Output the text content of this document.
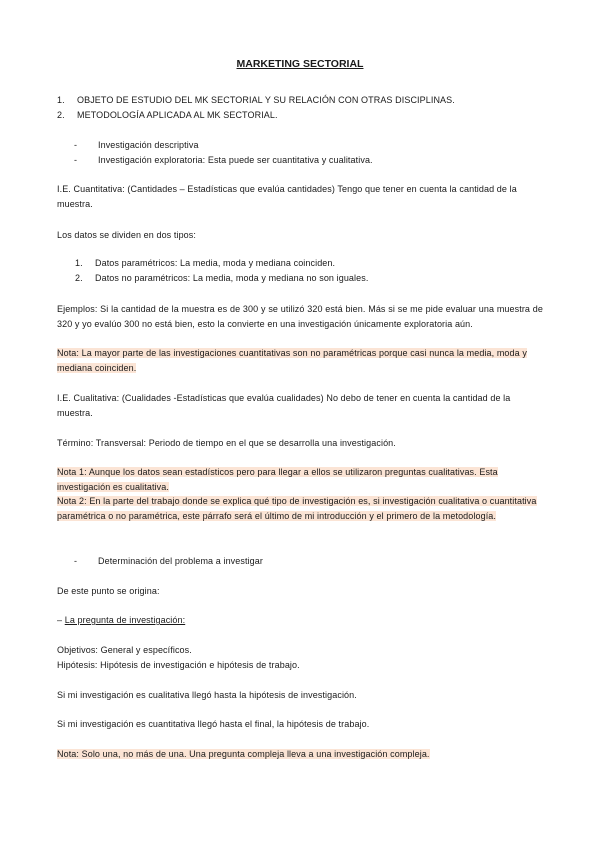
MARKETING SECTORIAL
1. OBJETO DE ESTUDIO DEL MK SECTORIAL Y SU RELACIÓN CON OTRAS DISCIPLINAS.
2. METODOLOGÍA APLICADA AL MK SECTORIAL.
- Investigación descriptiva
- Investigación exploratoria: Esta puede ser cuantitativa y cualitativa.
I.E. Cuantitativa: (Cantidades – Estadísticas que evalúa cantidades) Tengo que tener en cuenta la cantidad de la muestra.
Los datos se dividen en dos tipos:
1. Datos paramétricos: La media, moda y mediana coinciden.
2. Datos no paramétricos: La media, moda y mediana no son iguales.
Ejemplos: Si la cantidad de la muestra es de 300 y se utilizó 320 está bien. Más si se me pide evaluar una muestra de 320 y yo evalúo 300 no está bien, esto la convierte en una investigación únicamente exploratoria aún.
Nota: La mayor parte de las investigaciones cuantitativas son no paramétricas porque casi nunca la media, moda y mediana coinciden.
I.E. Cualitativa: (Cualidades -Estadísticas que evalúa cualidades) No debo de tener en cuenta la cantidad de la muestra.
Término: Transversal: Periodo de tiempo en el que se desarrolla una investigación.
Nota 1: Aunque los datos sean estadísticos pero para llegar a ellos se utilizaron preguntas cualitativas. Esta investigación es cualitativa.
Nota 2: En la parte del trabajo donde se explica qué tipo de investigación es, si investigación cualitativa o cuantitativa paramétrica o no paramétrica, este párrafo será el último de mi introducción y el primero de la metodología.
- Determinación del problema a investigar
De este punto se origina:
– La pregunta de investigación:
Objetivos: General y específicos.
Hipótesis: Hipótesis de investigación e hipótesis de trabajo.
Si mi investigación es cualitativa llegó hasta la hipótesis de investigación.
Si mi investigación es cuantitativa llegó hasta el final, la hipótesis de trabajo.
Nota: Solo una, no más de una. Una pregunta compleja lleva a una investigación compleja.
